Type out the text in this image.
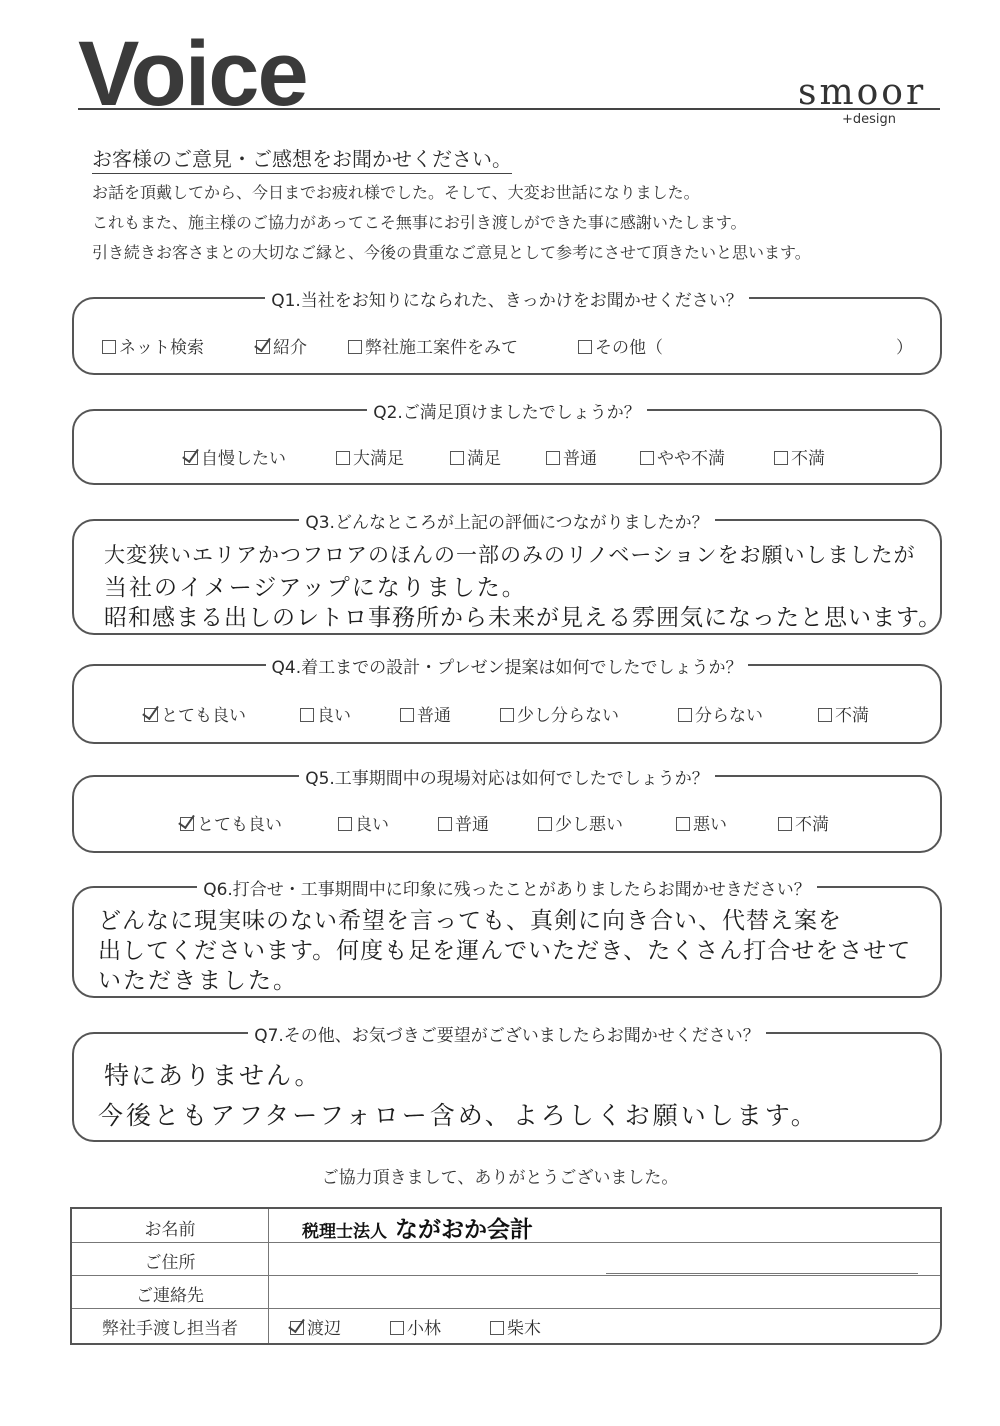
Voice	smoor
+design
お客様のご意見・ご感想をお聞かせください。
お話を頂戴してから、今日までお疲れ様でした。そして、大変お世話になりました。
これもまた、施主様のご協力があってこそ無事にお引き渡しができた事に感謝いたします。
引き続きお客さまとの大切なご縁と、今後の貴重なご意見として参考にさせて頂きたいと思います。
Q1.当社をお知りになられた、きっかけをお聞かせください？
ネット検索	紹介	弊社施工案件をみて	その他（	）
Q2.ご満足頂けましたでしょうか？
自慢したい	大満足	満足	普通	やや不満	不満
Q3.どんなところが上記の評価につながりましたか？
大変狭いエリアかつフロアのほんの一部のみのリノベーションをお願いしましたが
当社のイメージアップになりました。
昭和感まる出しのレトロ事務所から未来が見える雰囲気になったと思います。
Q4.着工までの設計・プレゼン提案は如何でしたでしょうか？
とても良い	良い	普通	少し分らない	分らない	不満
Q5.工事期間中の現場対応は如何でしたでしょうか？
とても良い	良い	普通	少し悪い	悪い	不満
Q6.打合せ・工事期間中に印象に残ったことがありましたらお聞かせきださい？
どんなに現実味のない希望を言っても、真剣に向き合い、代替え案を
出してくださいます。何度も足を運んでいただき、たくさん打合せをさせて
いただきました。
Q7.その他、お気づきご要望がございましたらお聞かせください？
特にありません。
今後ともアフターフォロー含め、よろしくお願いします。
ご協力頂きまして、ありがとうございました。
お名前	税理士法人 ながおか会計
ご住所
ご連絡先
弊社手渡し担当者	渡辺	小林	柴木
